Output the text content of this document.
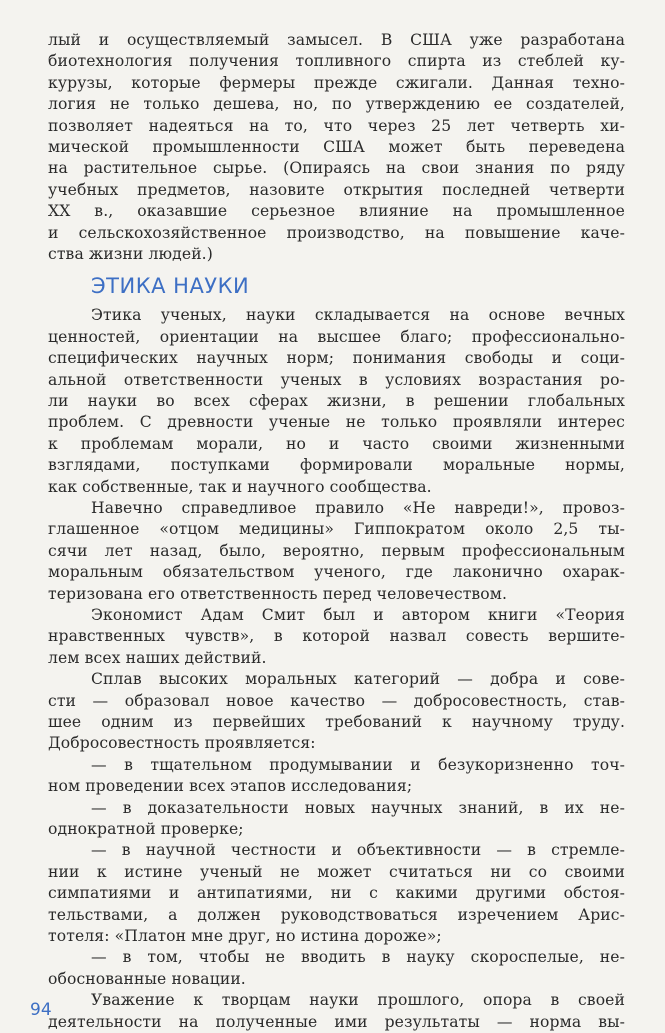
лый и осуществляемый замысел. В США уже разработана
биотехнология получения топливного спирта из стеблей ку-
курузы, которые фермеры прежде сжигали. Данная техно-
логия не только дешева, но, по утверждению ее создателей,
позволяет надеяться на то, что через 25 лет четверть хи-
мической промышленности США может быть переведена
на растительное сырье. (Опираясь на свои знания по ряду
учебных предметов, назовите открытия последней четверти
XX в., оказавшие серьезное влияние на промышленное
и сельскохозяйственное производство, на повышение каче-
ства жизни людей.)
ЭТИКА НАУКИ
Этика ученых, науки складывается на основе вечных
ценностей, ориентации на высшее благо; профессионально-
специфических научных норм; понимания свободы и соци-
альной ответственности ученых в условиях возрастания ро-
ли науки во всех сферах жизни, в решении глобальных
проблем. С древности ученые не только проявляли интерес
к проблемам морали, но и часто своими жизненными
взглядами, поступками формировали моральные нормы,
как собственные, так и научного сообщества.
Навечно справедливое правило «Не навреди!», провоз-
глашенное «отцом медицины» Гиппократом около 2,5 ты-
сячи лет назад, было, вероятно, первым профессиональным
моральным обязательством ученого, где лаконично охарак-
теризована его ответственность перед человечеством.
Экономист Адам Смит был и автором книги «Теория
нравственных чувств», в которой назвал совесть вершите-
лем всех наших действий.
Сплав высоких моральных категорий — добра и сове-
сти — образовал новое качество — добросовестность, став-
шее одним из первейших требований к научному труду.
Добросовестность проявляется:
— в тщательном продумывании и безукоризненно точ-
ном проведении всех этапов исследования;
— в доказательности новых научных знаний, в их не-
однократной проверке;
— в научной честности и объективности — в стремле-
нии к истине ученый не может считаться ни со своими
симпатиями и антипатиями, ни с какими другими обстоя-
тельствами, а должен руководствоваться изречением Арис-
тотеля: «Платон мне друг, но истина дороже»;
— в том, чтобы не вводить в науку скороспелые, не-
обоснованные новации.
Уважение к творцам науки прошлого, опора в своей
деятельности на полученные ими результаты — норма вы-
94
